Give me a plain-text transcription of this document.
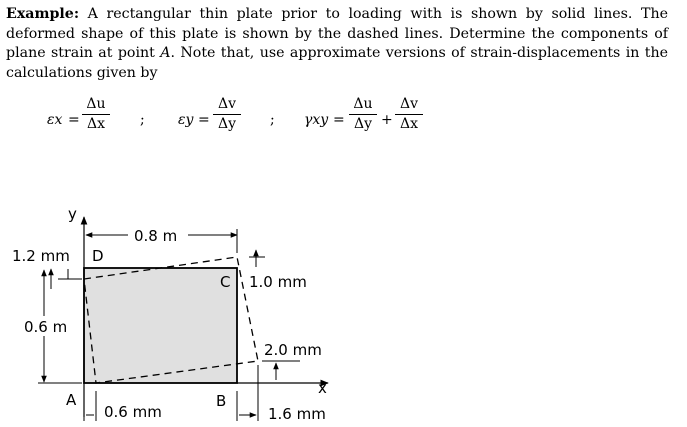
Example: A rectangular thin plate prior to loading with is shown by solid lines. The deformed shape of this plate is shown by the dashed lines. Determine the components of plane strain at point A. Note that, use approximate versions of strain-displacements in the calculations given by
εx =
Δu
Δx	; εy =
Δv
Δy	; γxy =
Δu
Δy +
Δv
Δx
y
x
D
C
A	B
0.8 m
0.6 m
1.2 mm
1.0 mm
2.0 mm
0.6 mm	1.6 mm
